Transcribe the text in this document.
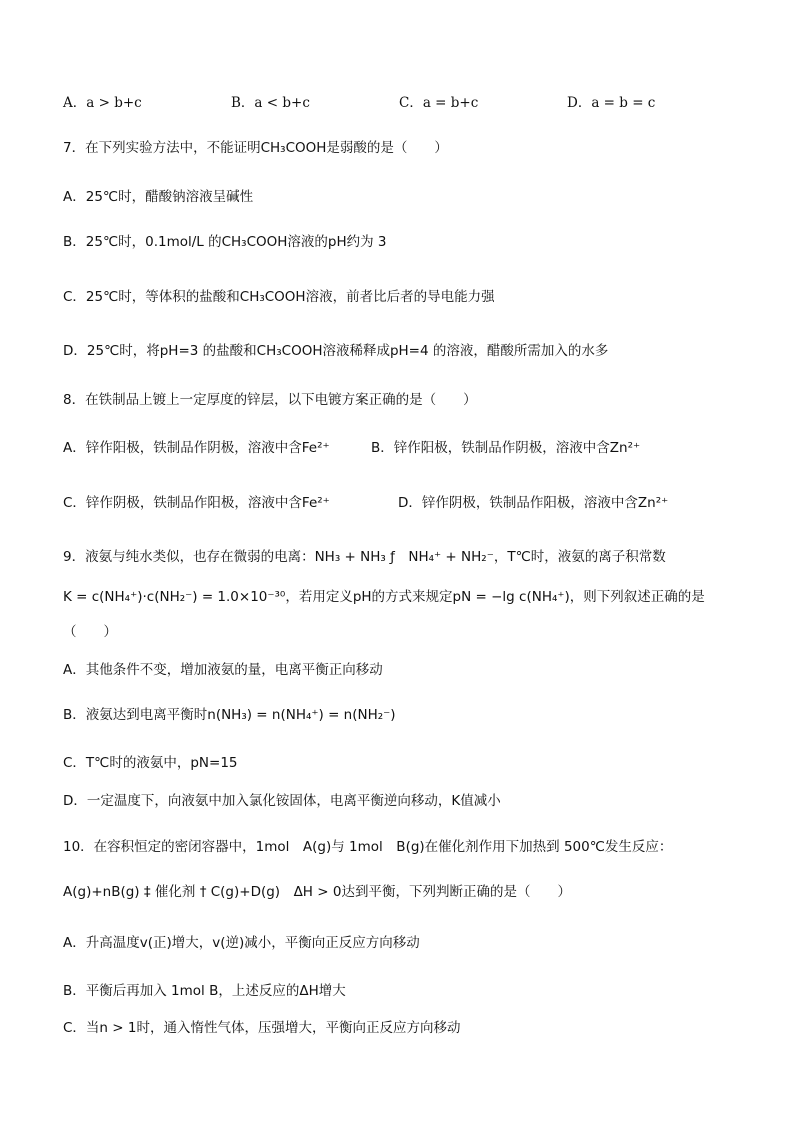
A．a > b+c	B．a < b+c	C．a = b+c	D．a = b = c
7．在下列实验方法中，不能证明CH₃COOH是弱酸的是（　　）
A．25℃时，醋酸钠溶液呈碱性
B．25℃时，0.1mol/L 的CH₃COOH溶液的pH约为 3
C．25℃时，等体积的盐酸和CH₃COOH溶液，前者比后者的导电能力强
D．25℃时，将pH=3 的盐酸和CH₃COOH溶液稀释成pH=4 的溶液，醋酸所需加入的水多
8．在铁制品上镀上一定厚度的锌层，以下电镀方案正确的是（　　）
A．锌作阳极，铁制品作阴极，溶液中含Fe²⁺	B．锌作阳极，铁制品作阴极，溶液中含Zn²⁺
C．锌作阴极，铁制品作阳极，溶液中含Fe²⁺	D．锌作阴极，铁制品作阳极，溶液中含Zn²⁺
9．液氨与纯水类似，也存在微弱的电离：NH₃ + NH₃ ƒ　NH₄⁺ + NH₂⁻，T℃时，液氨的离子积常数
K = c(NH₄⁺)·c(NH₂⁻) = 1.0×10⁻³⁰，若用定义pH的方式来规定pN = −lg c(NH₄⁺)，则下列叙述正确的是
（　　）
A．其他条件不变，增加液氨的量，电离平衡正向移动
B．液氨达到电离平衡时n(NH₃) = n(NH₄⁺) = n(NH₂⁻)
C．T℃时的液氨中，pN=15
D．一定温度下，向液氨中加入氯化铵固体，电离平衡逆向移动，K值减小
10．在容积恒定的密闭容器中，1mol　A(g)与 1mol　B(g)在催化剂作用下加热到 500℃发生反应：
A(g)+nB(g) ‡ 催化剂 † C(g)+D(g)　ΔH > 0达到平衡，下列判断正确的是（　　）
A．升高温度v(正)增大，v(逆)减小，平衡向正反应方向移动
B．平衡后再加入 1mol B，上述反应的ΔH增大
C．当n > 1时，通入惰性气体，压强增大，平衡向正反应方向移动
